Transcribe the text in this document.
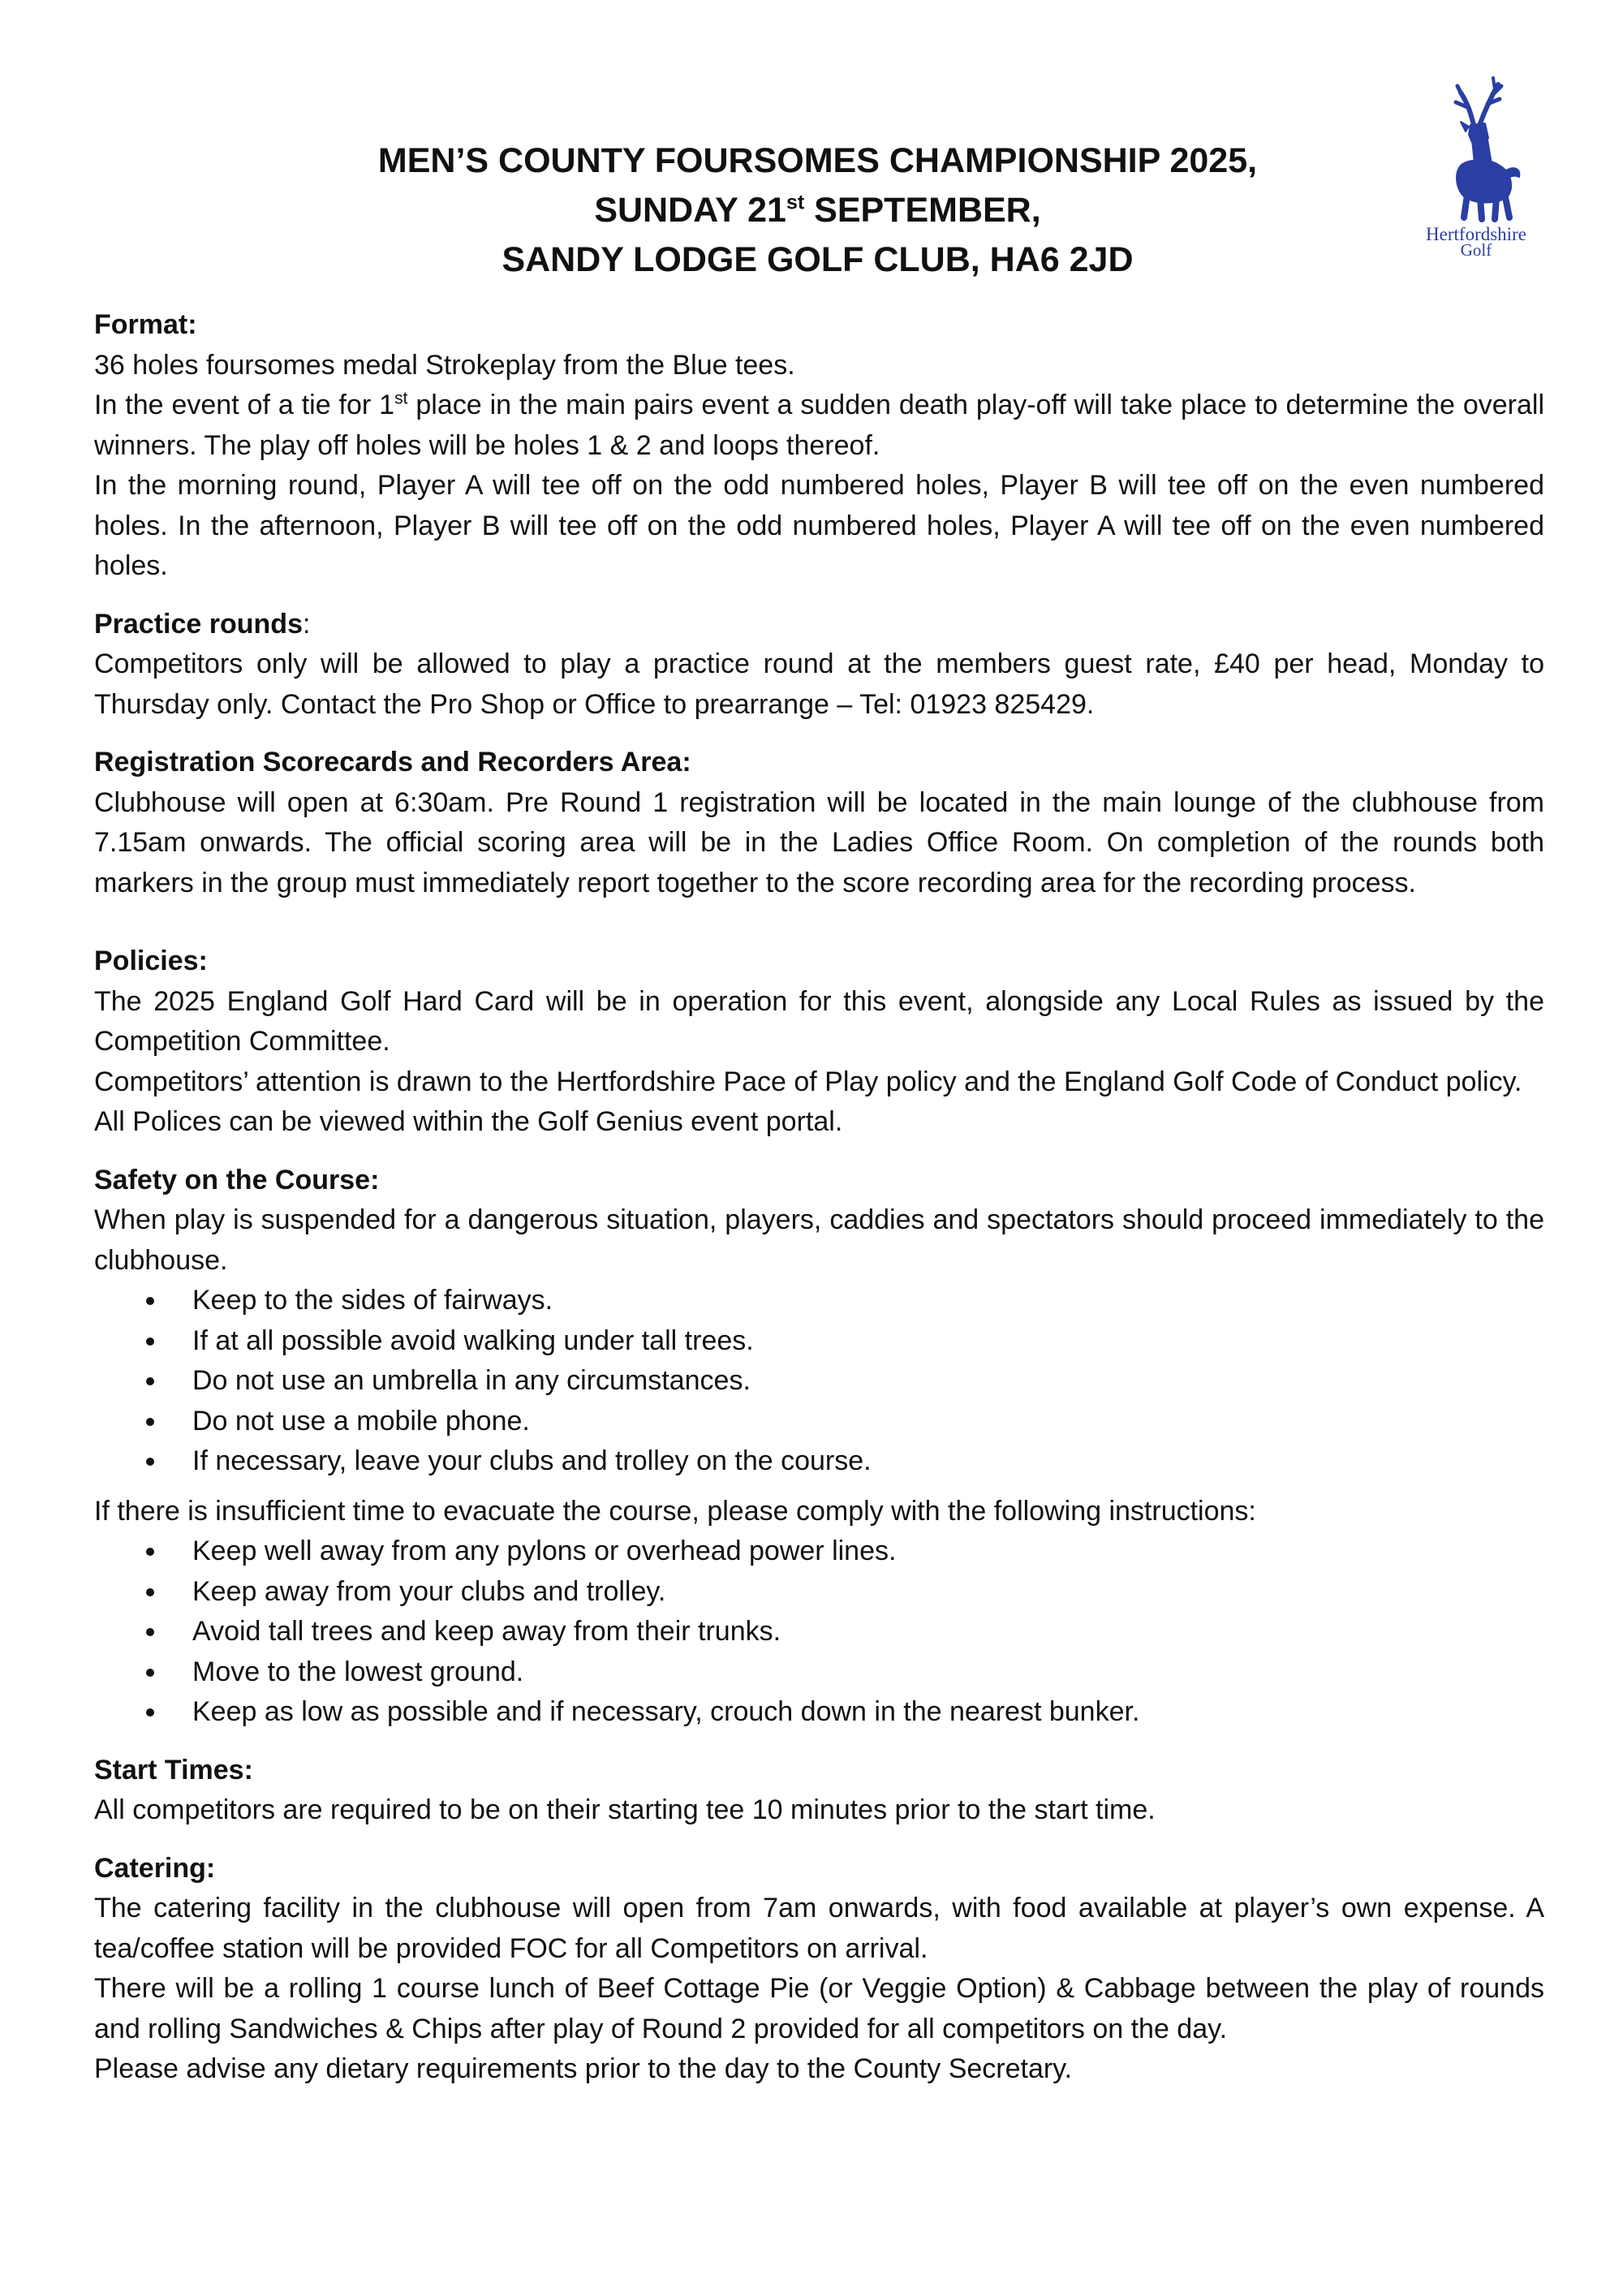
MEN’S COUNTY FOURSOMES CHAMPIONSHIP 2025,
SUNDAY 21st SEPTEMBER,
SANDY LODGE GOLF CLUB, HA6 2JD
Hertfordshire
Golf

Format:

36 holes foursomes medal Strokeplay from the Blue tees.

In the event of a tie for 1st place in the main pairs event a sudden death play-off will take place to determine the overall winners. The play off holes will be holes 1 & 2 and loops thereof.

In the morning round, Player A will tee off on the odd numbered holes, Player B will tee off on the even numbered holes. In the afternoon, Player B will tee off on the odd numbered holes, Player A will tee off on the even numbered holes.

Practice rounds:

Competitors only will be allowed to play a practice round at the members guest rate, £40 per head, Monday to Thursday only. Contact the Pro Shop or Office to prearrange – Tel: 01923 825429.

Registration Scorecards and Recorders Area:

Clubhouse will open at 6:30am. Pre Round 1 registration will be located in the main lounge of the clubhouse from 7.15am onwards. The official scoring area will be in the Ladies Office Room. On completion of the rounds both markers in the group must immediately report together to the score recording area for the recording process.

Policies:

The 2025 England Golf Hard Card will be in operation for this event, alongside any Local Rules as issued by the Competition Committee.

Competitors’ attention is drawn to the Hertfordshire Pace of Play policy and the England Golf Code of Conduct policy.

All Polices can be viewed within the Golf Genius event portal.

Safety on the Course:

When play is suspended for a dangerous situation, players, caddies and spectators should proceed immediately to the clubhouse.

Keep to the sides of fairways.
If at all possible avoid walking under tall trees.
Do not use an umbrella in any circumstances.
Do not use a mobile phone.
If necessary, leave your clubs and trolley on the course.

If there is insufficient time to evacuate the course, please comply with the following instructions:

Keep well away from any pylons or overhead power lines.
Keep away from your clubs and trolley.
Avoid tall trees and keep away from their trunks.
Move to the lowest ground.
Keep as low as possible and if necessary, crouch down in the nearest bunker.

Start Times:

All competitors are required to be on their starting tee 10 minutes prior to the start time.

Catering:

The catering facility in the clubhouse will open from 7am onwards, with food available at player’s own expense. A tea/coffee station will be provided FOC for all Competitors on arrival.

There will be a rolling 1 course lunch of Beef Cottage Pie (or Veggie Option) & Cabbage between the play of rounds and rolling Sandwiches & Chips after play of Round 2 provided for all competitors on the day.

Please advise any dietary requirements prior to the day to the County Secretary.
